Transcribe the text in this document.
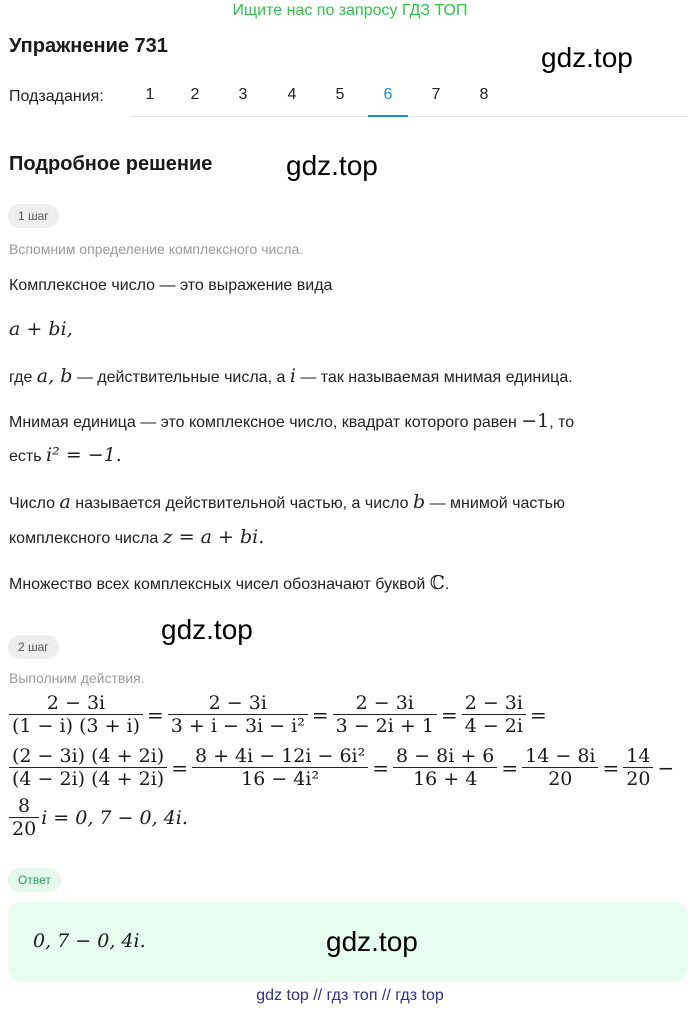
Ищите нас по запросу ГДЗ ТОП
Упражнение 731	gdz.top
Подзадания:	1	2	3	4	5	6	7	8
Подробное решение	gdz.top
1 шаг
Вспомним определение комплексного числа.
Комплексное число — это выражение вида
a + bi,
где a, b — действительные числа, а i — так называемая мнимая единица.
Мнимая единица — это комплексное число, квадрат которого равен −1, то
есть i² = −1.
Число a называется действительной частью, а число b — мнимой частью
комплексного числа z = a + bi.
Множество всех комплексных чисел обозначают буквой ℂ.
gdz.top
2 шаг
Выполним действия.
$\frac{2 - 3i}{(1 - i) (3 + i)} = \frac{2 - 3i}{\text{3 + i − 3i − i²}} = \frac{2 - 3i}{3 - 2i + 1} = \frac{2 - 3i}{4 - 2i}$ =
$\frac{(2 - 3i) (4 + 2i)}{(4 - 2i) (4 + 2i)} = \frac{\text{8 + 4i − 12i − 6i²}}{\text{16 − 4i²}} = \frac{8 - 8i + 6}{16 + 4} = \frac{14 - 8i}{20} = \frac{14}{20}$ −
$\frac{8}{20}$ i = 0, 7 − 0, 4i.
Ответ
0, 7 − 0, 4i.	gdz.top
gdz top // гдз топ // гдз top
